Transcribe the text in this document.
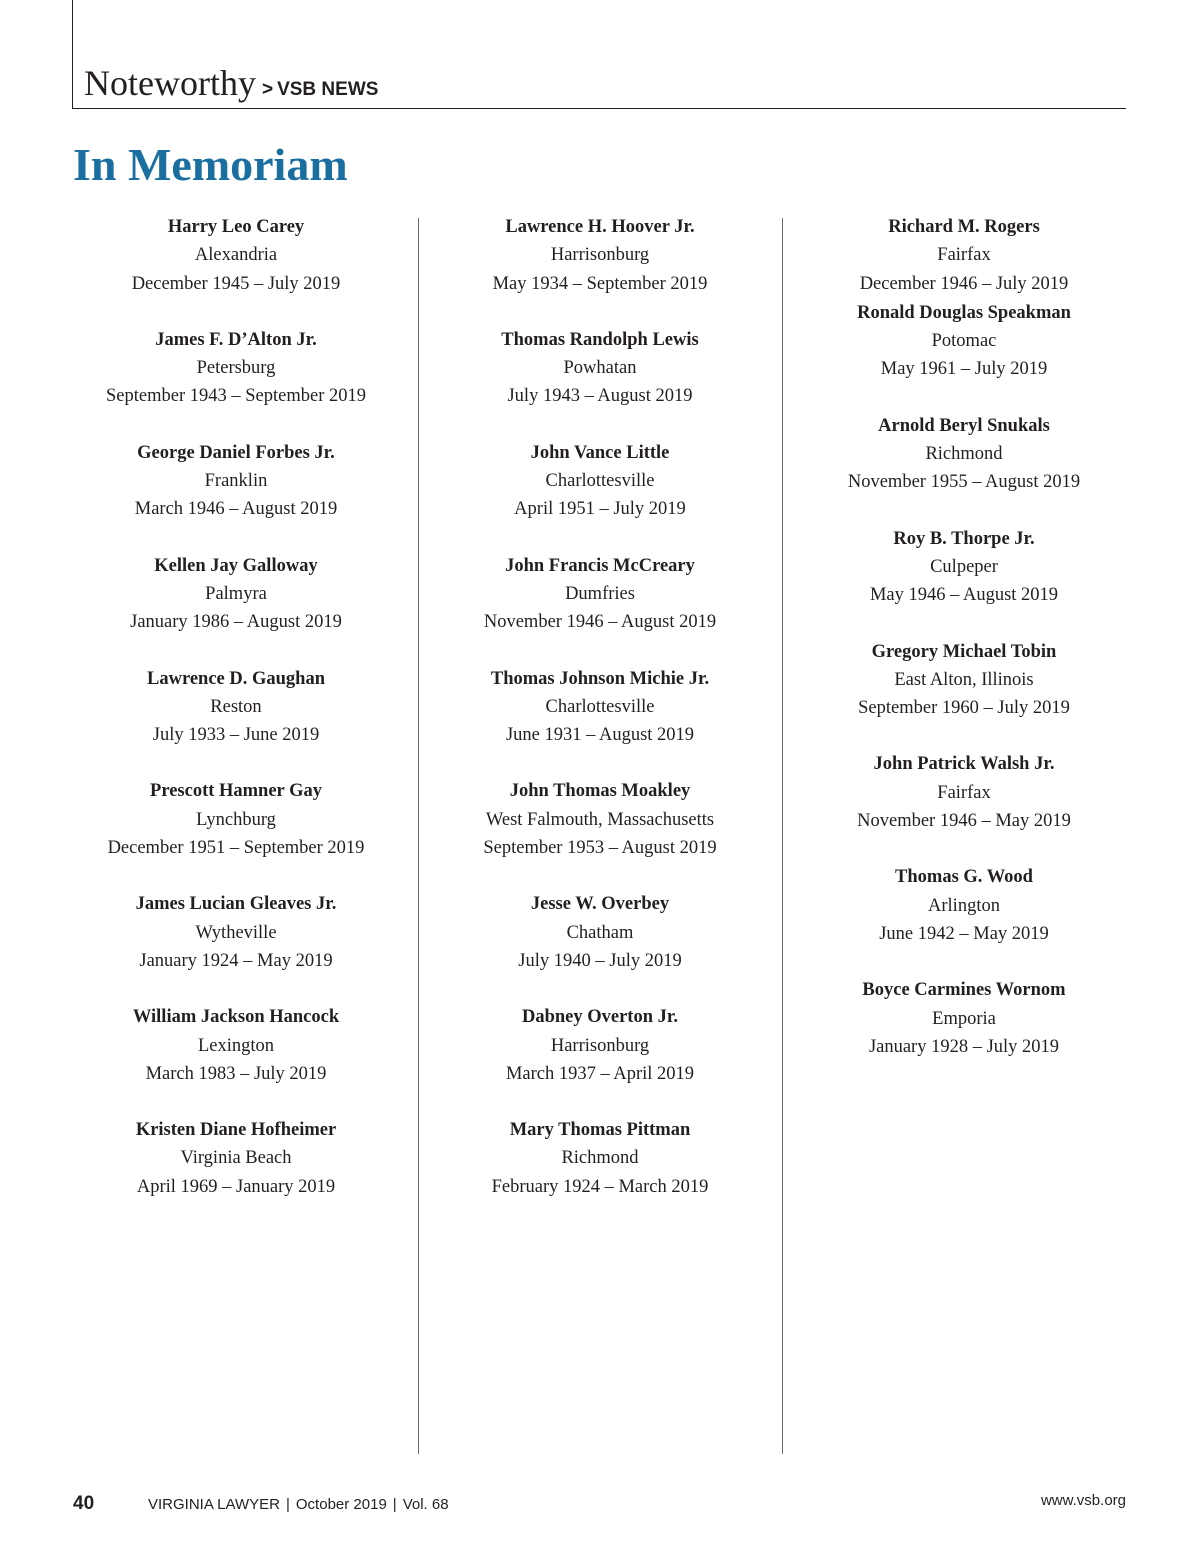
Noteworthy > VSB NEWS
In Memoriam
Harry Leo Carey
Alexandria
December 1945 – July 2019
James F. D’Alton Jr.
Petersburg
September 1943 – September 2019
George Daniel Forbes Jr.
Franklin
March 1946 – August 2019
Kellen Jay Galloway
Palmyra
January 1986 – August 2019
Lawrence D. Gaughan
Reston
July 1933 – June 2019
Prescott Hamner Gay
Lynchburg
December 1951 – September 2019
James Lucian Gleaves Jr.
Wytheville
January 1924 – May 2019
William Jackson Hancock
Lexington
March 1983 – July 2019
Kristen Diane Hofheimer
Virginia Beach
April 1969 – January 2019
Lawrence H. Hoover Jr.
Harrisonburg
May 1934 – September 2019
Thomas Randolph Lewis
Powhatan
July 1943 – August 2019
John Vance Little
Charlottesville
April 1951 – July 2019
John Francis McCreary
Dumfries
November 1946 – August 2019
Thomas Johnson Michie Jr.
Charlottesville
June 1931 – August 2019
John Thomas Moakley
West Falmouth, Massachusetts
September 1953 – August 2019
Jesse W. Overbey
Chatham
July 1940 – July 2019
Dabney Overton Jr.
Harrisonburg
March 1937 – April 2019
Mary Thomas Pittman
Richmond
February 1924 – March 2019
Richard M. Rogers
Fairfax
December 1946 – July 2019
Ronald Douglas Speakman
Potomac
May 1961 – July 2019
Arnold Beryl Snukals
Richmond
November 1955 – August 2019
Roy B. Thorpe Jr.
Culpeper
May 1946 – August 2019
Gregory Michael Tobin
East Alton, Illinois
September 1960 – July 2019
John Patrick Walsh Jr.
Fairfax
November 1946 – May 2019
Thomas G. Wood
Arlington
June 1942 – May 2019
Boyce Carmines Wornom
Emporia
January 1928 – July 2019
40	VIRGINIA LAWYER | October 2019 | Vol. 68	www.vsb.org
